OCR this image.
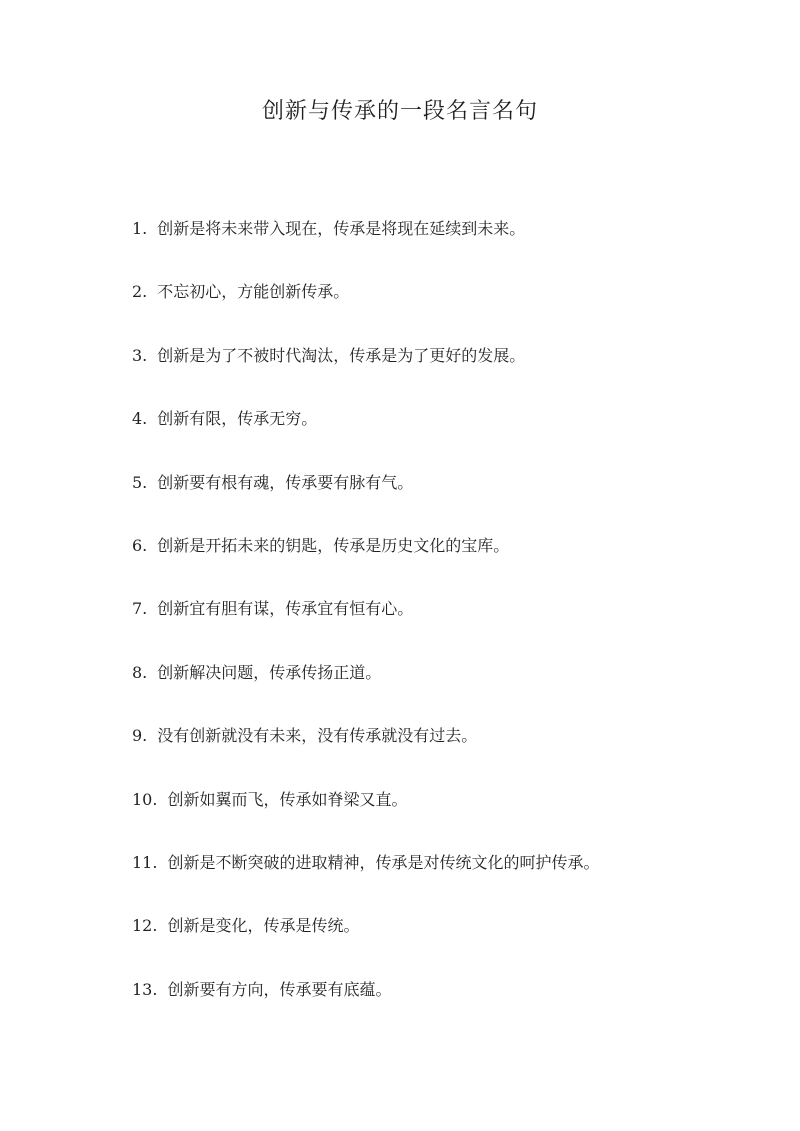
创新与传承的一段名言名句
1. 创新是将未来带入现在，传承是将现在延续到未来。
2. 不忘初心，方能创新传承。
3. 创新是为了不被时代淘汰，传承是为了更好的发展。
4. 创新有限，传承无穷。
5. 创新要有根有魂，传承要有脉有气。
6. 创新是开拓未来的钥匙，传承是历史文化的宝库。
7. 创新宜有胆有谋，传承宜有恒有心。
8. 创新解决问题，传承传扬正道。
9. 没有创新就没有未来，没有传承就没有过去。
10. 创新如翼而飞，传承如脊梁又直。
11. 创新是不断突破的进取精神，传承是对传统文化的呵护传承。
12. 创新是变化，传承是传统。
13. 创新要有方向，传承要有底蕴。
